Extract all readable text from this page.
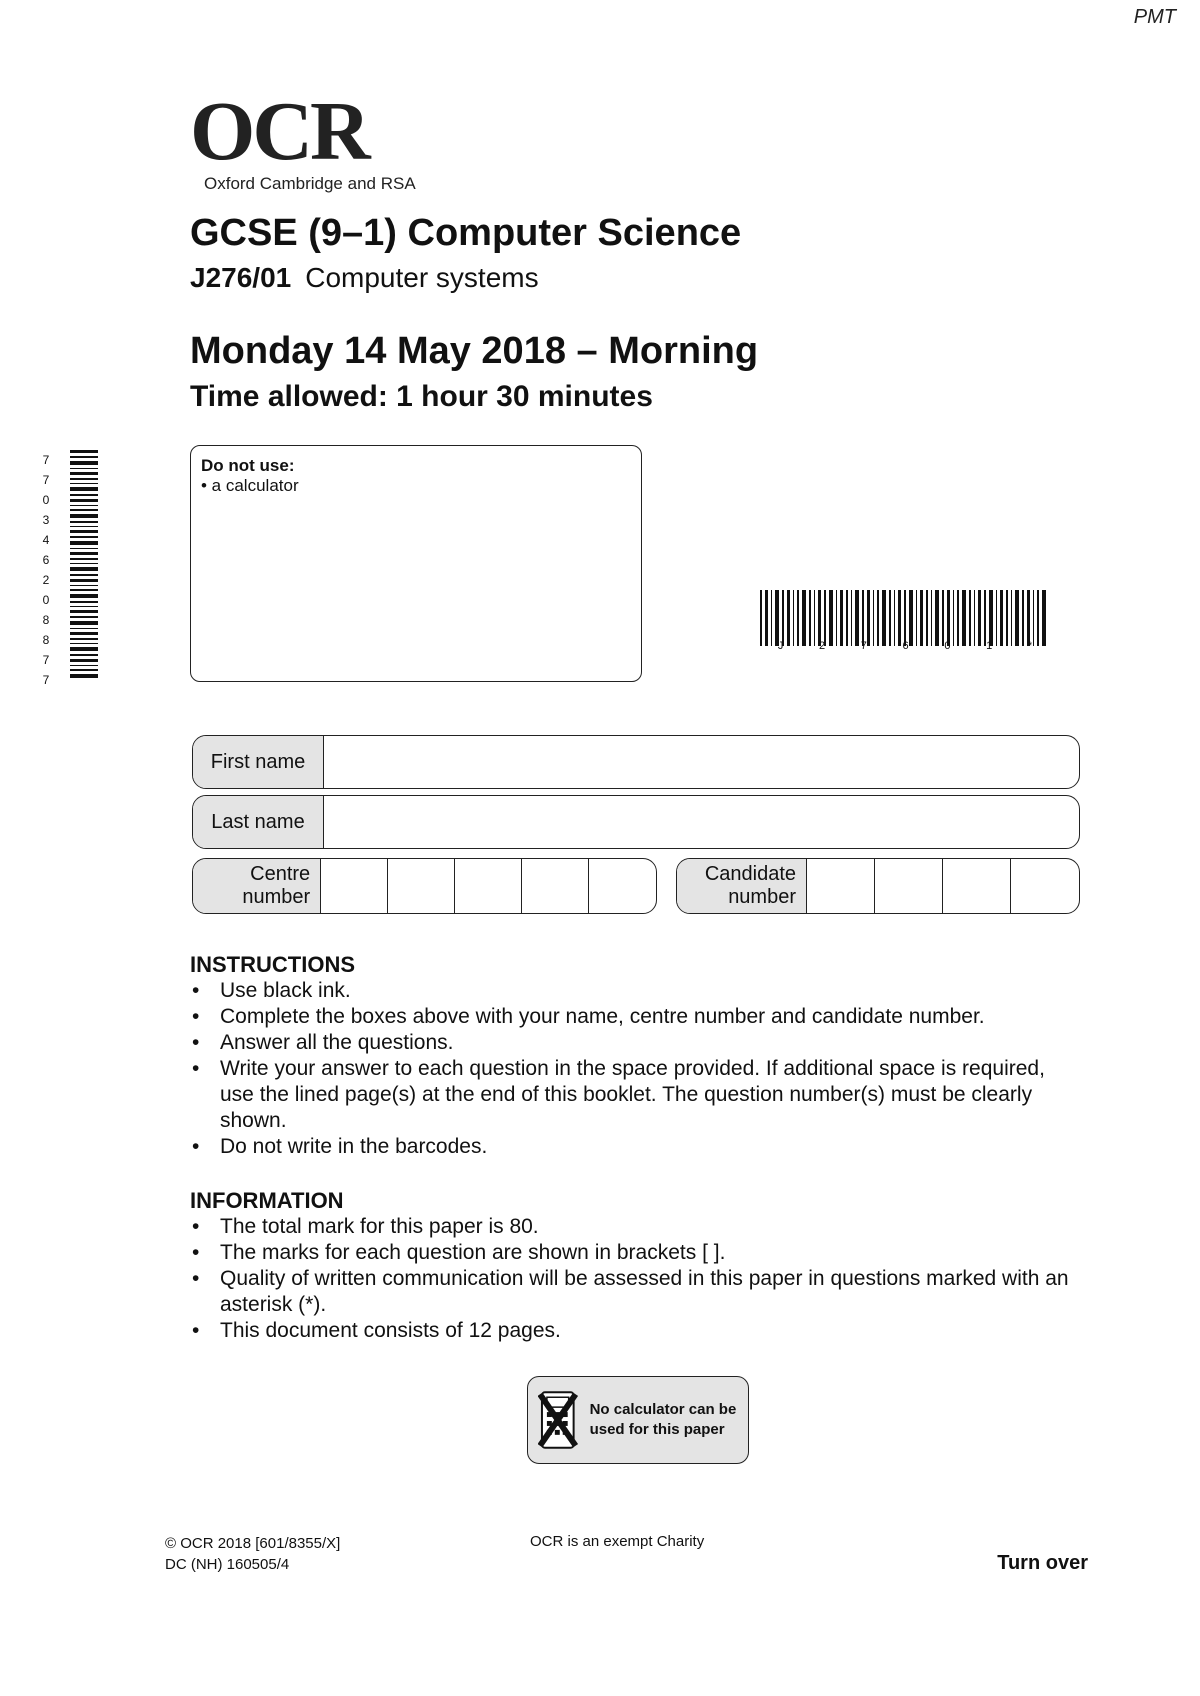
PMT
OCR
Oxford Cambridge and RSA
GCSE (9–1) Computer Science
J276/01 Computer systems
Monday 14 May 2018 – Morning
Time allowed: 1 hour 30 minutes
Do not use:
• a calculator
7
7
0
3
4
6
2
0
8
8
7
7
J	2	7	6	0	1	*
First name
Last name
Centre
number
Candidate
number
INSTRUCTIONS
• Use black ink.
• Complete the boxes above with your name, centre number and candidate number.
• Answer all the questions.
• Write your answer to each question in the space provided. If additional space is required, use the lined page(s) at the end of this booklet. The question number(s) must be clearly shown.
• Do not write in the barcodes.
INFORMATION
• The total mark for this paper is 80.
• The marks for each question are shown in brackets [ ].
• Quality of written communication will be assessed in this paper in questions marked with an asterisk (*).
• This document consists of 12 pages.
No calculator can be used for this paper
© OCR 2018 [601/8355/X]
DC (NH) 160505/4
OCR is an exempt Charity
Turn over
